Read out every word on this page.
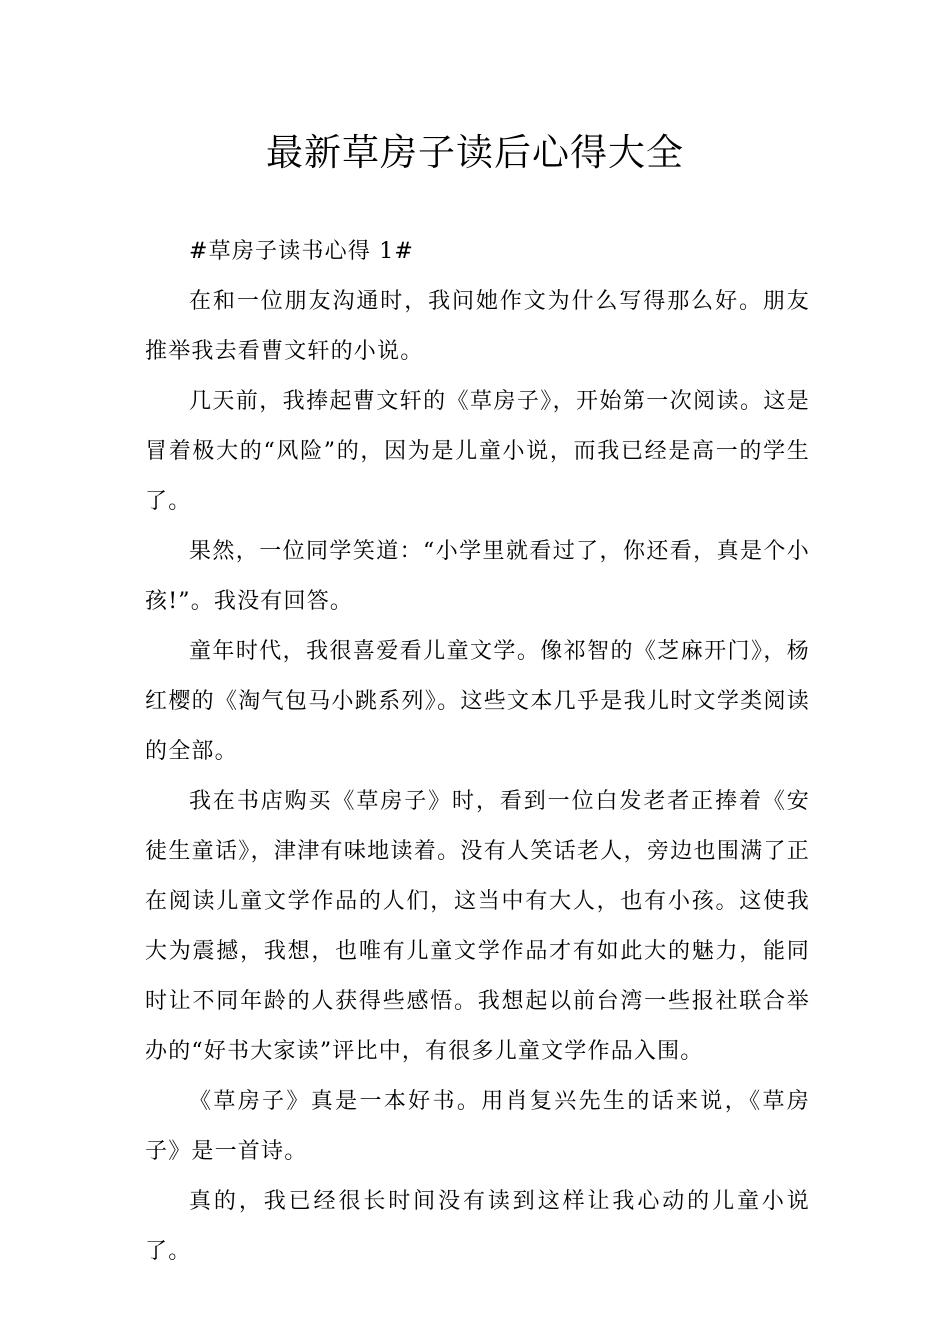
最新草房子读后心得大全

#草房子读书心得 1#

在和一位朋友沟通时，我问她作文为什么写得那么好。朋友推举我去看曹文轩的小说。

几天前，我捧起曹文轩的《草房子》，开始第一次阅读。这是冒着极大的“风险”的，因为是儿童小说，而我已经是高一的学生了。

果然，一位同学笑道：“小学里就看过了，你还看，真是个小孩!”。我没有回答。

童年时代，我很喜爱看儿童文学。像祁智的《芝麻开门》，杨红樱的《淘气包马小跳系列》。这些文本几乎是我儿时文学类阅读的全部。

我在书店购买《草房子》时，看到一位白发老者正捧着《安徒生童话》，津津有味地读着。没有人笑话老人，旁边也围满了正在阅读儿童文学作品的人们，这当中有大人，也有小孩。这使我大为震撼，我想，也唯有儿童文学作品才有如此大的魅力，能同时让不同年龄的人获得些感悟。我想起以前台湾一些报社联合举办的“好书大家读”评比中，有很多儿童文学作品入围。

《草房子》真是一本好书。用肖复兴先生的话来说，《草房子》是一首诗。

真的，我已经很长时间没有读到这样让我心动的儿童小说了。
